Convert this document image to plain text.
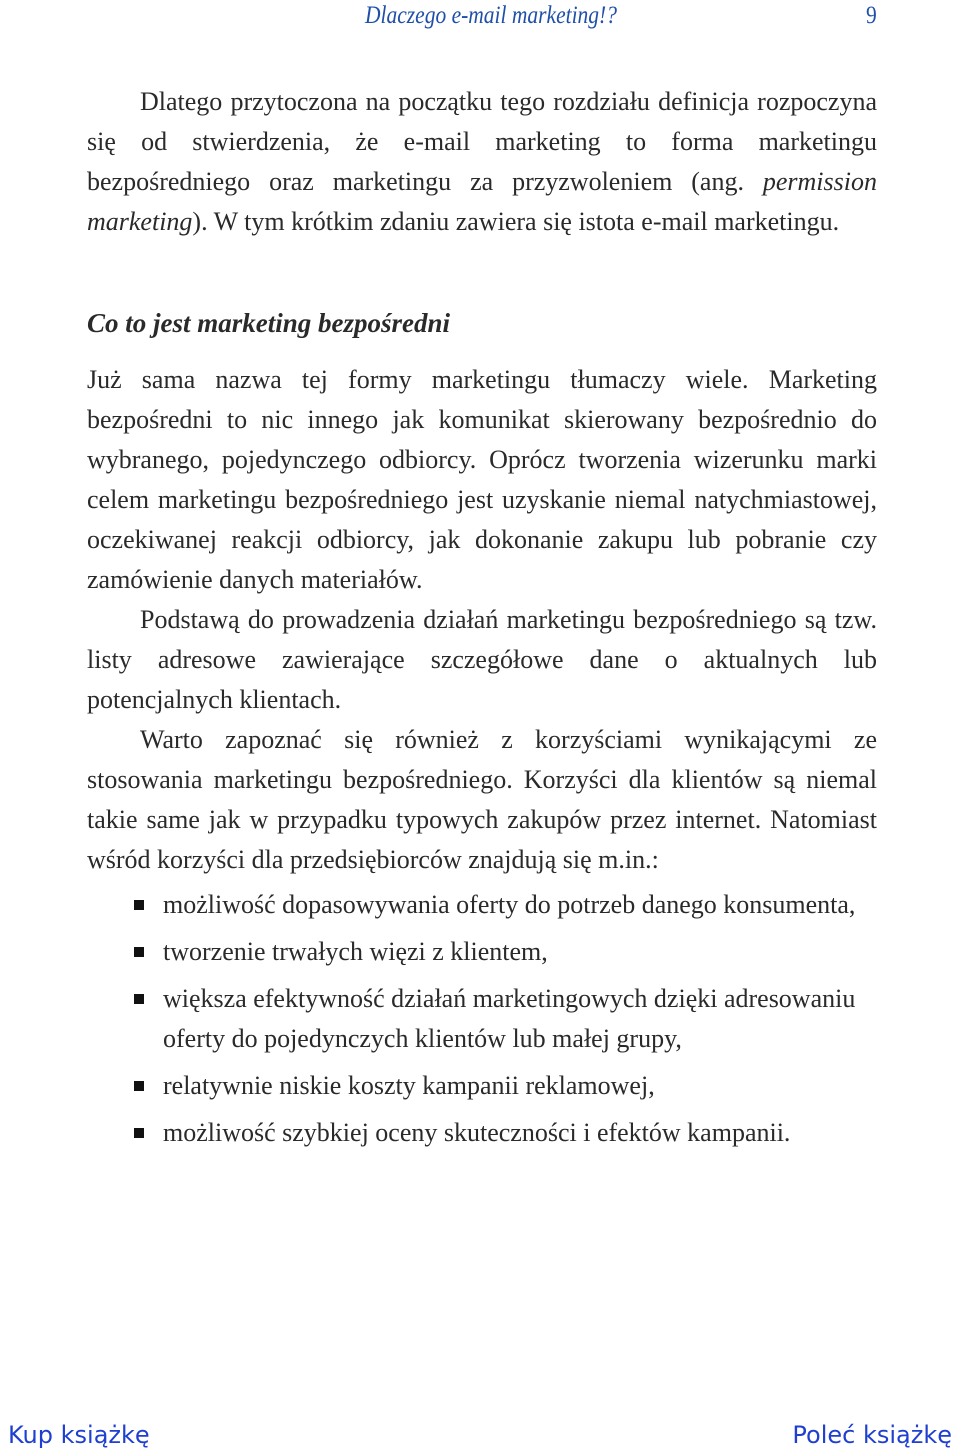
Dlaczego e-mail marketing!?	9

Dlatego przytoczona na początku tego rozdziału definicja rozpoczyna się od stwierdzenia, że e-mail marketing to forma marketingu bezpośredniego oraz marketingu za przyzwoleniem (ang. permission marketing). W tym krótkim zdaniu zawiera się istota e-mail marketingu.

Co to jest marketing bezpośredni

Już sama nazwa tej formy marketingu tłumaczy wiele. Marketing bezpośredni to nic innego jak komunikat skierowany bezpośrednio do wybranego, pojedynczego odbiorcy. Oprócz tworzenia wizerunku marki celem marketingu bezpośredniego jest uzyskanie niemal natychmiastowej, oczekiwanej reakcji odbiorcy, jak dokonanie zakupu lub pobranie czy zamówienie danych materiałów.

Podstawą do prowadzenia działań marketingu bezpośredniego są tzw. listy adresowe zawierające szczegółowe dane o aktualnych lub potencjalnych klientach.

Warto zapoznać się również z korzyściami wynikającymi ze stosowania marketingu bezpośredniego. Korzyści dla klientów są niemal takie same jak w przypadku typowych zakupów przez internet. Natomiast wśród korzyści dla przedsiębiorców znajdują się m.in.:

możliwość dopasowywania oferty do potrzeb danego konsumenta,
tworzenie trwałych więzi z klientem,
większa efektywność działań marketingowych dzięki adresowaniu oferty do pojedynczych klientów lub małej grupy,
relatywnie niskie koszty kampanii reklamowej,
możliwość szybkiej oceny skuteczności i efektów kampanii.
Kup książkę	Poleć książkę
